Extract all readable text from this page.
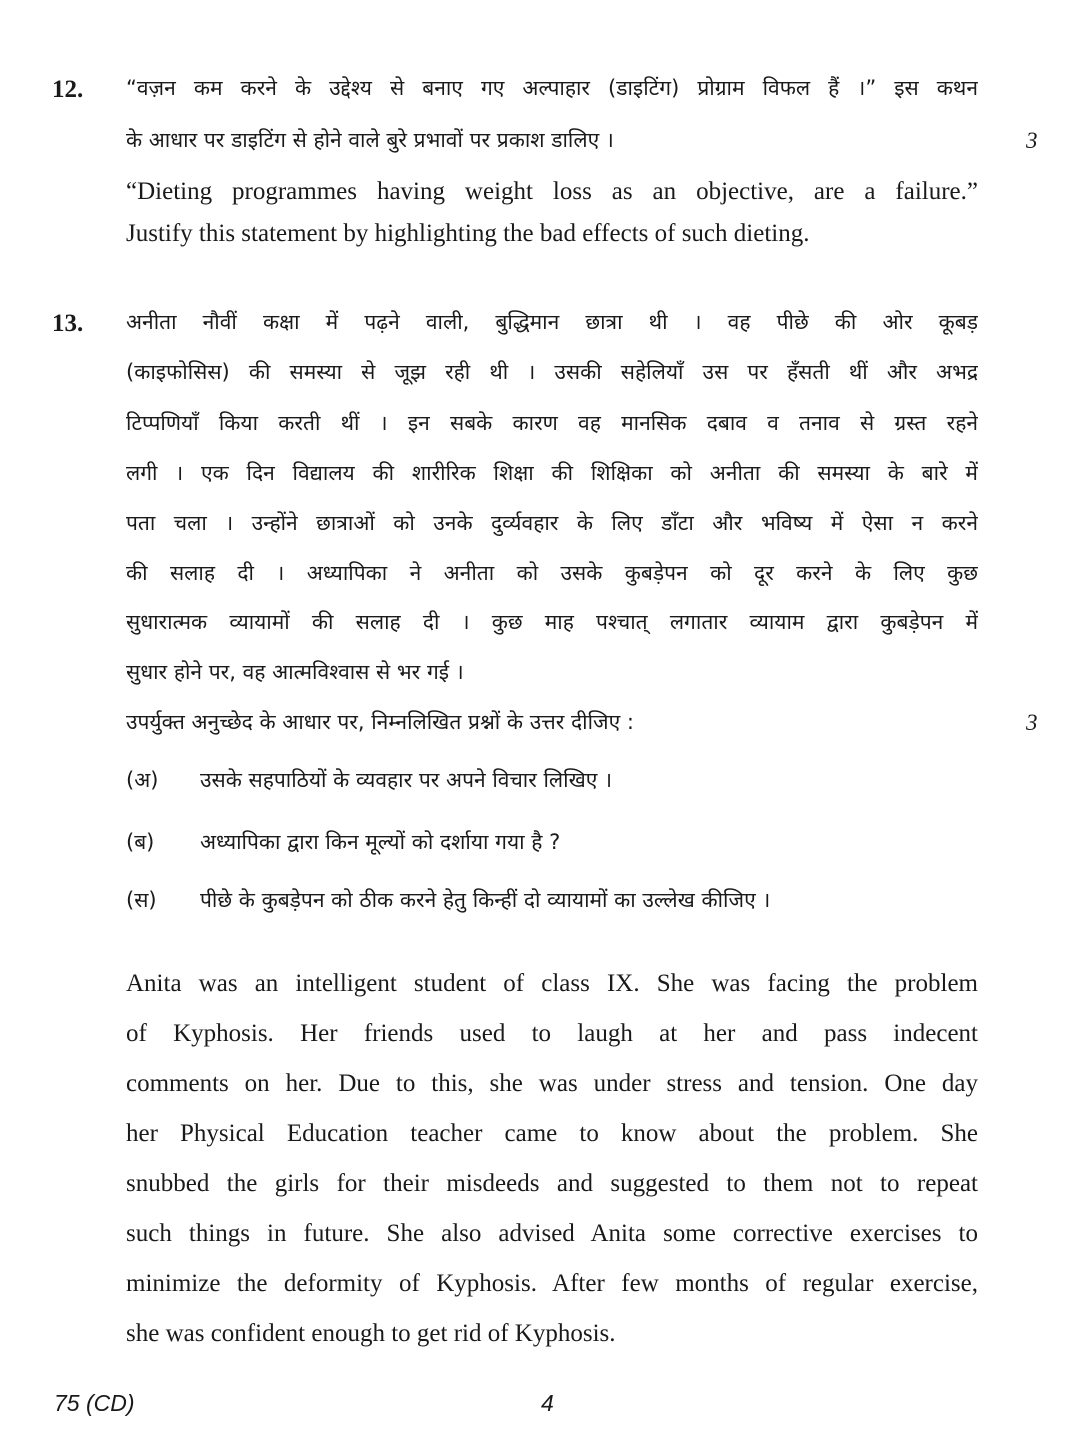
12. “वज़न कम करने के उद्देश्य से बनाए गए अल्पाहार (डाइटिंग) प्रोग्राम विफल हैं ।” इस कथन
के आधार पर डाइटिंग से होने वाले बुरे प्रभावों पर प्रकाश डालिए ।	3
“Dieting programmes having weight loss as an objective, are a failure.”
Justify this statement by highlighting the bad effects of such dieting.
13. अनीता नौवीं कक्षा में पढ़ने वाली, बुद्धिमान छात्रा थी । वह पीछे की ओर कूबड़
(काइफोसिस) की समस्या से जूझ रही थी । उसकी सहेलियाँ उस पर हँसती थीं और अभद्र
टिप्पणियाँ किया करती थीं । इन सबके कारण वह मानसिक दबाव व तनाव से ग्रस्त रहने
लगी । एक दिन विद्यालय की शारीरिक शिक्षा की शिक्षिका को अनीता की समस्या के बारे में
पता चला । उन्होंने छात्राओं को उनके दुर्व्यवहार के लिए डाँटा और भविष्य में ऐसा न करने
की सलाह दी । अध्यापिका ने अनीता को उसके कुबड़ेपन को दूर करने के लिए कुछ
सुधारात्मक व्यायामों की सलाह दी । कुछ माह पश्चात् लगातार व्यायाम द्वारा कुबड़ेपन में
सुधार होने पर, वह आत्मविश्वास से भर गई ।
उपर्युक्त अनुच्छेद के आधार पर, निम्नलिखित प्रश्नों के उत्तर दीजिए :	3
(अ) उसके सहपाठियों के व्यवहार पर अपने विचार लिखिए ।
(ब) अध्यापिका द्वारा किन मूल्यों को दर्शाया गया है ?
(स) पीछे के कुबड़ेपन को ठीक करने हेतु किन्हीं दो व्यायामों का उल्लेख कीजिए ।
Anita was an intelligent student of class IX. She was facing the problem
of Kyphosis. Her friends used to laugh at her and pass indecent
comments on her. Due to this, she was under stress and tension. One day
her Physical Education teacher came to know about the problem. She
snubbed the girls for their misdeeds and suggested to them not to repeat
such things in future. She also advised Anita some corrective exercises to
minimize the deformity of Kyphosis. After few months of regular exercise,
she was confident enough to get rid of Kyphosis.
75 (CD)	4
